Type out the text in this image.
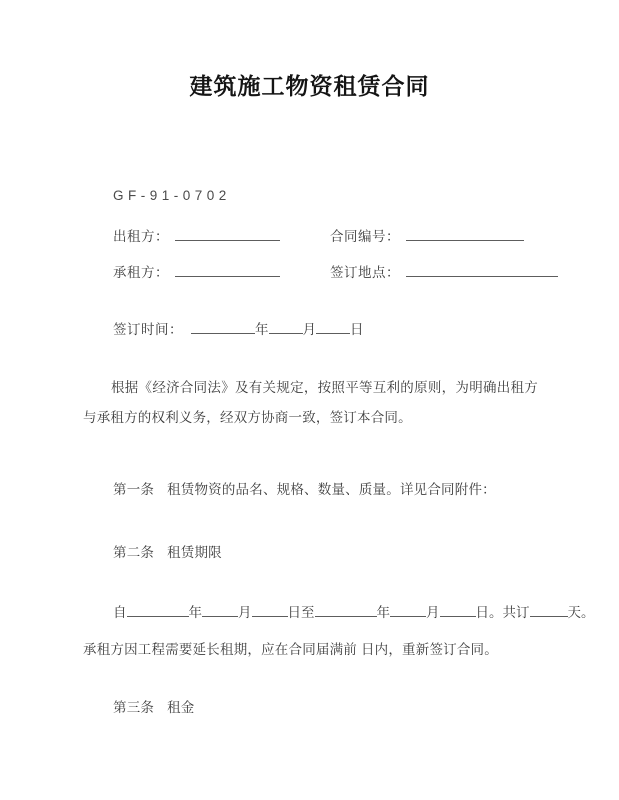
建筑施工物资租赁合同
GF-91-0702
出租方：	合同编号：
承租方：	签订地点：
签订时间：	年	月	日
根据《经济合同法》及有关规定，按照平等互利的原则，为明确出租方与承租方的权利义务，经双方协商一致，签订本合同。
第一条 租赁物资的品名、规格、数量、质量。详见合同附件：
第二条 租赁期限
自	年	月	日 至	年	月	日 。 共订	天。
承租方因工程需要延长租期，应在合同届满前 日内，重新签订合同。
第三条 租金
